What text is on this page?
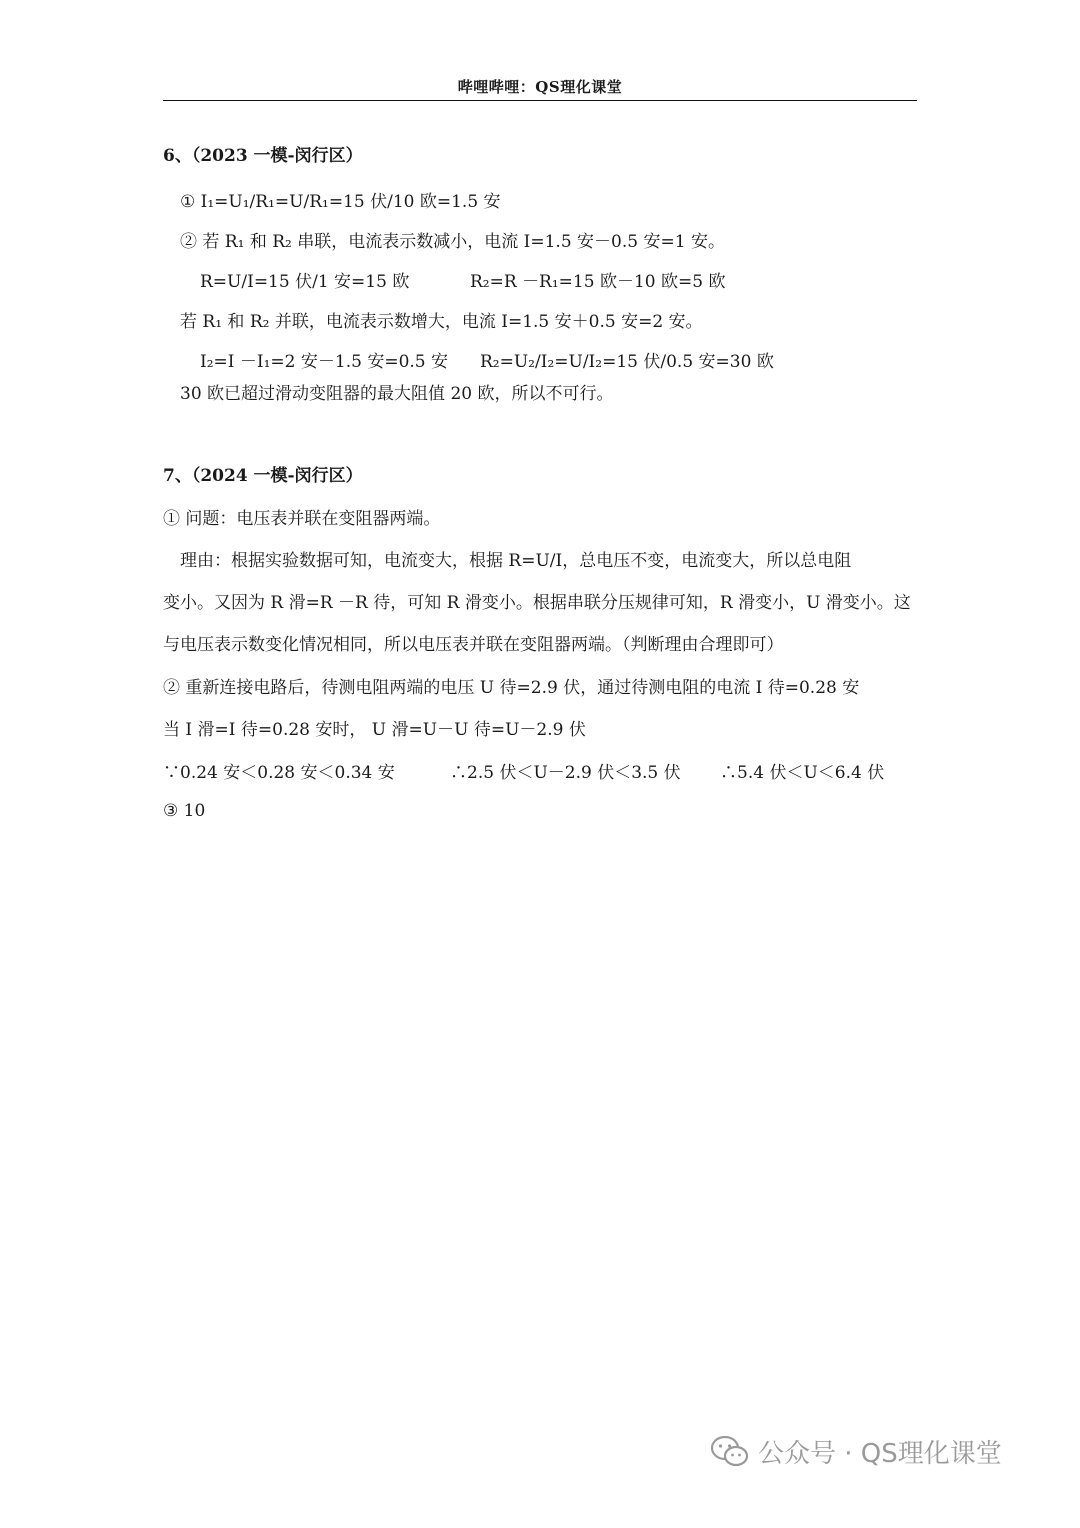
哔哩哔哩：QS理化课堂
6、（2023 一模-闵行区）
① I₁=U₁/R₁=U/R₁=15 伏/10 欧=1.5 安
② 若 R₁ 和 R₂ 串联，电流表示数减小，电流 I=1.5 安－0.5 安=1 安。
R=U/I=15 伏/1 安=15 欧	R₂=R －R₁=15 欧－10 欧=5 欧
若 R₁ 和 R₂ 并联，电流表示数增大，电流 I=1.5 安＋0.5 安=2 安。
I₂=I －I₁=2 安－1.5 安=0.5 安 R₂=U₂/I₂=U/I₂=15 伏/0.5 安=30 欧
30 欧已超过滑动变阻器的最大阻值 20 欧，所以不可行。
7、（2024 一模-闵行区）
① 问题：电压表并联在变阻器两端。
理由：根据实验数据可知，电流变大，根据 R=U/I，总电压不变，电流变大，所以总电阻
变小。又因为 R 滑=R －R 待，可知 R 滑变小。根据串联分压规律可知，R 滑变小，U 滑变小。这
与电压表示数变化情况相同，所以电压表并联在变阻器两端。（判断理由合理即可）
② 重新连接电路后，待测电阻两端的电压 U 待=2.9 伏，通过待测电阻的电流 I 待=0.28 安
当 I 滑=I 待=0.28 安时， U 滑=U－U 待=U－2.9 伏
∵0.24 安＜0.28 安＜0.34 安	∴2.5 伏＜U－2.9 伏＜3.5 伏 ∴5.4 伏＜U＜6.4 伏
③ 10
公众号 · QS理化课堂
